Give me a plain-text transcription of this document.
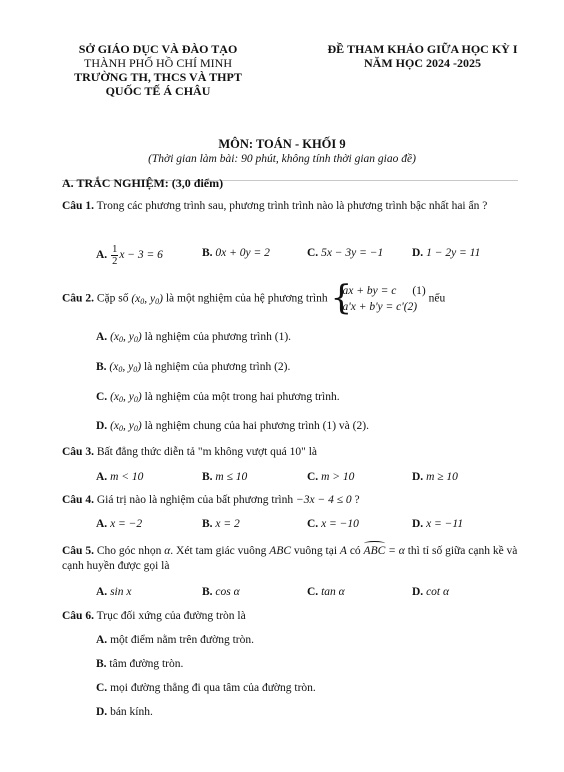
SỞ GIÁO DỤC VÀ ĐÀO TẠO
THÀNH PHỐ HỒ CHÍ MINH
TRƯỜNG TH, THCS VÀ THPT
QUỐC TẾ Á CHÂU
ĐỀ THAM KHẢO GIỮA HỌC KỲ I
NĂM HỌC 2024 -2025
MÔN: TOÁN - KHỐI 9
(Thời gian làm bài: 90 phút, không tính thời gian giao đề)
A. TRẮC NGHIỆM: (3,0 điểm)
Câu 1. Trong các phương trình sau, phương trình trình nào là phương trình bậc nhất hai ẩn ?
A. $\frac{1}{2}$ x − 3 = 6	B. 0x + 0y = 2	C. 5x − 3y = −1 D. 1 − 2y = 11
Câu 2. Cặp số ($x_0$, $y_0$) là một nghiệm của hệ phương trình {
ax + by = c (1)
a'x + b'y = c'(2)
nếu
A. ($x_0$, $y_0$) là nghiệm của phương trình (1).
B. ($x_0$, $y_0$) là nghiệm của phương trình (2).
C. ($x_0$, $y_0$) là nghiệm của một trong hai phương trình.
D. ($x_0$, $y_0$) là nghiệm chung của hai phương trình (1) và (2).
Câu 3. Bất đẳng thức diễn tả "m không vượt quá 10" là
A. m < 10	B. m ≤ 10	C. m > 10	D. m ≥ 10
Câu 4. Giá trị nào là nghiệm của bất phương trình −3x − 4 ≤ 0 ?
A. x = −2	B. x = 2	C. x = −10	D. x = −11
Câu 5. Cho góc nhọn α. Xét tam giác vuông ABC vuông tại A có ABC = α thì tỉ số giữa cạnh kề và cạnh huyền được gọi là
A. sin x	B. cos α	C. tan α	D. cot α
Câu 6. Trục đối xứng của đường tròn là
A. một điểm nằm trên đường tròn.
B. tâm đường tròn.
C. mọi đường thẳng đi qua tâm của đường tròn.
D. bán kính.
